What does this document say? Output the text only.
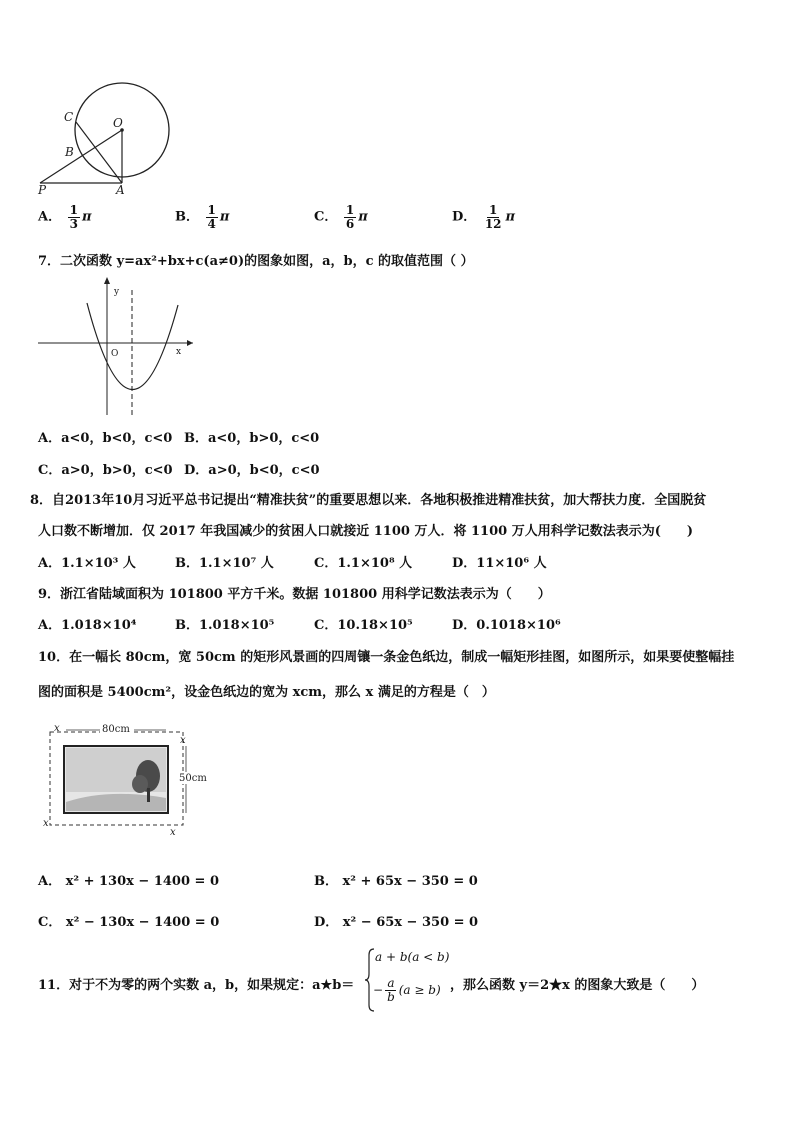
C	O
B
P	A
A． $\frac{1}{3}$ π	B． $\frac{1}{4}$ π	C． $\frac{1}{6}$ π	D． $\frac{1}{12}$ π
7．二次函数 y=ax²+bx+c(a≠0)的图象如图，a，b，c 的取值范围（ ）
y
x
O
A．a<0，b<0，c<0 B．a<0，b>0，c<0
C．a>0，b>0，c<0 D．a>0，b<0，c<0
8．自2013年10月习近平总书记提出“精准扶贫”的重要思想以来．各地积极推进精准扶贫，加大帮扶力度．全国脱贫
人口数不断增加．仅 2017 年我国减少的贫困人口就接近 1100 万人．将 1100 万人用科学记数法表示为(　　)
A．1.1×10³ 人	B．1.1×10⁷ 人	C．1.1×10⁸ 人	D．11×10⁶ 人
9．浙江省陆域面积为 101800 平方千米。数据 101800 用科学记数法表示为（　　）
A．1.018×10⁴	B．1.018×10⁵	C．10.18×10⁵	D．0.1018×10⁶
10．在一幅长 80cm，宽 50cm 的矩形风景画的四周镶一条金色纸边，制成一幅矩形挂图，如图所示，如果要使整幅挂
图的面积是 5400cm²，设金色纸边的宽为 xcm，那么 x 满足的方程是（　）
80cm
50cm
x
x
x
x
A． x² + 130x − 1400 = 0	B． x² + 65x − 350 = 0
C． x² − 130x − 1400 = 0	D． x² − 65x − 350 = 0
11．对于不为零的两个实数 a，b，如果规定：a★b＝
a + b(a < b)
− $\frac{a}{b} (a \ge b)$ ，那么函数 y＝2★x 的图象大致是（　　）
